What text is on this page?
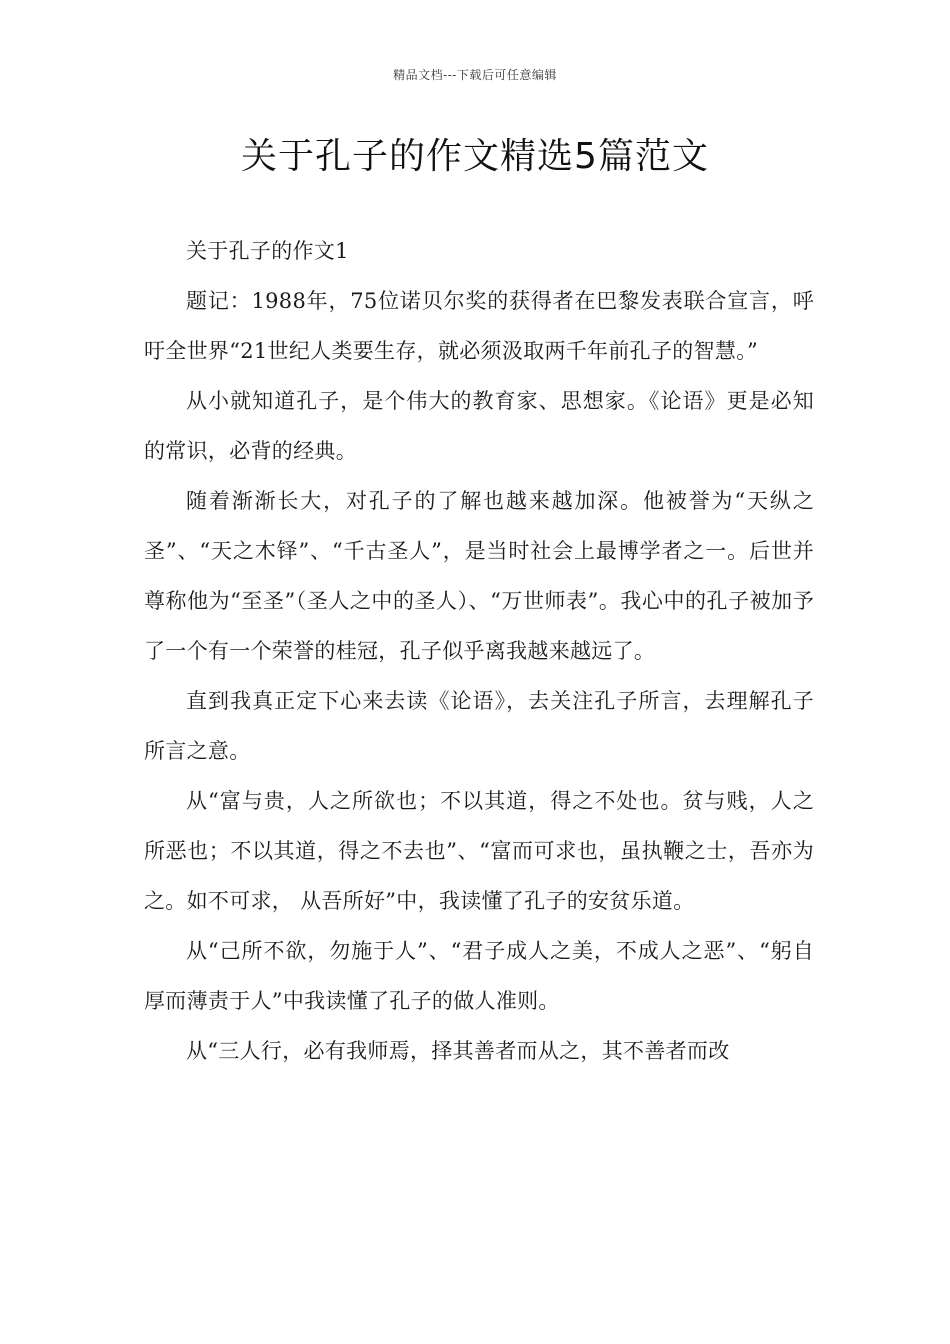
精品文档---下载后可任意编辑
关于孔子的作文精选5篇范文

关于孔子的作文1

题记：1988年，75位诺贝尔奖的获得者在巴黎发表联合宣言，呼吁全世界“21世纪人类要生存，就必须汲取两千年前孔子的智慧。”

从小就知道孔子，是个伟大的教育家、思想家。《论语》更是必知的常识，必背的经典。

随着渐渐长大，对孔子的了解也越来越加深。他被誉为“天纵之圣”、“天之木铎”、“千古圣人”，是当时社会上最博学者之一。后世并尊称他为“至圣”（圣人之中的圣人）、“万世师表”。我心中的孔子被加予了一个有一个荣誉的桂冠，孔子似乎离我越来越远了。

直到我真正定下心来去读《论语》，去关注孔子所言，去理解孔子所言之意。

从“富与贵，人之所欲也；不以其道，得之不处也。贫与贱，人之所恶也；不以其道，得之不去也”、“富而可求也，虽执鞭之士，吾亦为之。如不可求， 从吾所好”中，我读懂了孔子的安贫乐道。

从“己所不欲，勿施于人”、“君子成人之美，不成人之恶”、“躬自厚而薄责于人”中我读懂了孔子的做人准则。

从“三人行，必有我师焉，择其善者而从之，其不善者而改
